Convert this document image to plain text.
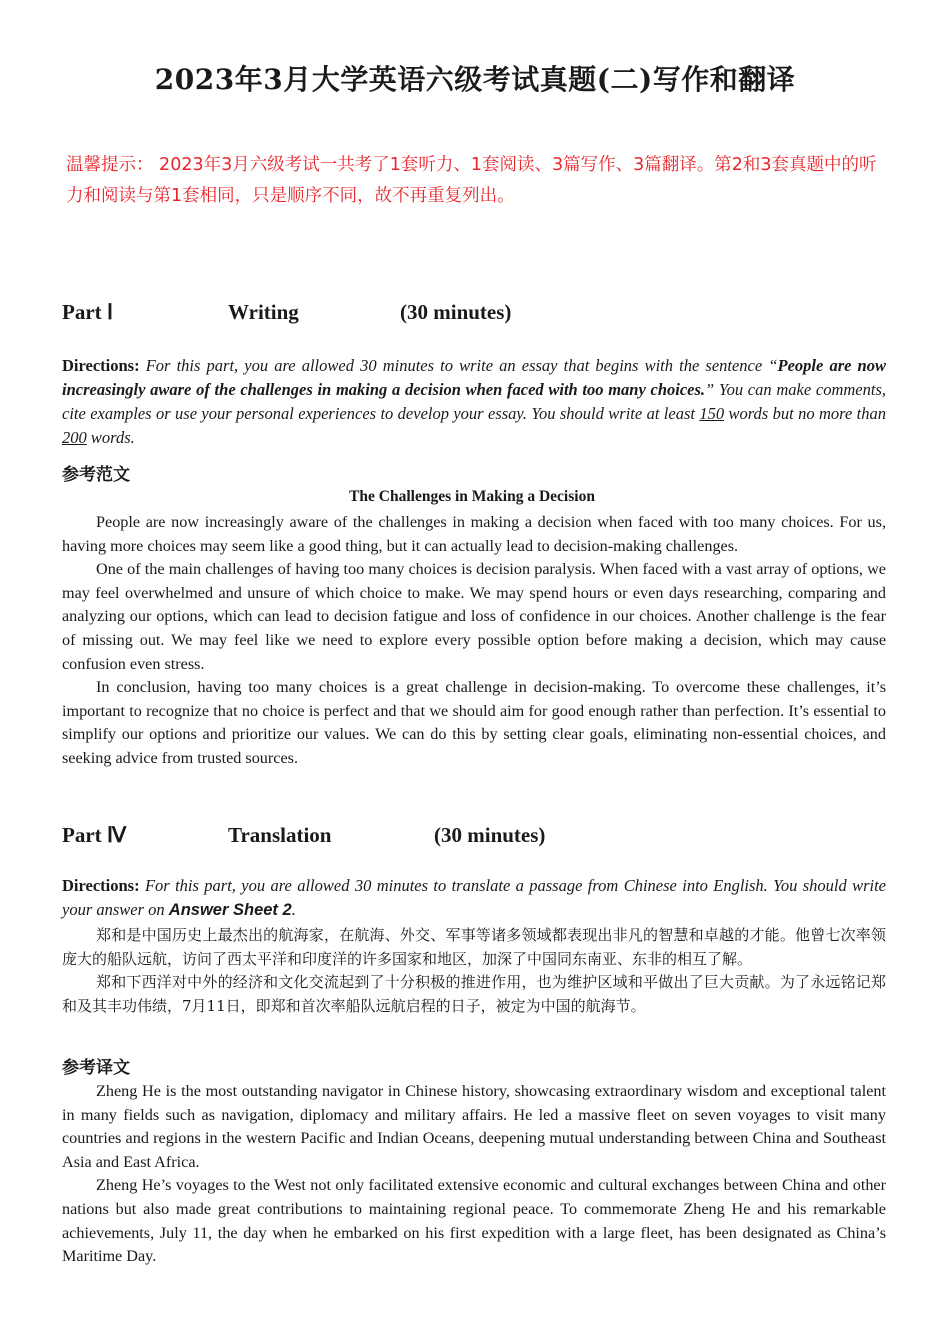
2023年3月大学英语六级考试真题(二)写作和翻译
温馨提示： 2023年3月六级考试一共考了1套听力、1套阅读、3篇写作、3篇翻译。第2和3套真题中的听力和阅读与第1套相同，只是顺序不同，故不再重复列出。
Part Ⅰ	Writing	(30 minutes)
Directions: For this part, you are allowed 30 minutes to write an essay that begins with the sentence “People are now increasingly aware of the challenges in making a decision when faced with too many choices.” You can make comments, cite examples or use your personal experiences to develop your essay. You should write at least 150 words but no more than 200 words.
参考范文
The Challenges in Making a Decision

People are now increasingly aware of the challenges in making a decision when faced with too many choices. For us, having more choices may seem like a good thing, but it can actually lead to decision-making challenges.

One of the main challenges of having too many choices is decision paralysis. When faced with a vast array of options, we may feel overwhelmed and unsure of which choice to make. We may spend hours or even days researching, comparing and analyzing our options, which can lead to decision fatigue and loss of confidence in our choices. Another challenge is the fear of missing out. We may feel like we need to explore every possible option before making a decision, which may cause confusion even stress.

In conclusion, having too many choices is a great challenge in decision-making. To overcome these challenges, it’s important to recognize that no choice is perfect and that we should aim for good enough rather than perfection. It’s essential to simplify our options and prioritize our values. We can do this by setting clear goals, eliminating non-essential choices, and seeking advice from trusted sources.

Part Ⅳ	Translation	(30 minutes)
Directions: For this part, you are allowed 30 minutes to translate a passage from Chinese into English. You should write your answer on Answer Sheet 2.

郑和是中国历史上最杰出的航海家，在航海、外交、军事等诸多领域都表现出非凡的智慧和卓越的才能。他曾七次率领庞大的船队远航，访问了西太平洋和印度洋的许多国家和地区，加深了中国同东南亚、东非的相互了解。

郑和下西洋对中外的经济和文化交流起到了十分积极的推进作用，也为维护区域和平做出了巨大贡献。为了永远铭记郑和及其丰功伟绩，7月11日，即郑和首次率船队远航启程的日子，被定为中国的航海节。

参考译文

Zheng He is the most outstanding navigator in Chinese history, showcasing extraordinary wisdom and exceptional talent in many fields such as navigation, diplomacy and military affairs. He led a massive fleet on seven voyages to visit many countries and regions in the western Pacific and Indian Oceans, deepening mutual understanding between China and Southeast Asia and East Africa.

Zheng He’s voyages to the West not only facilitated extensive economic and cultural exchanges between China and other nations but also made great contributions to maintaining regional peace. To commemorate Zheng He and his remarkable achievements, July 11, the day when he embarked on his first expedition with a large fleet, has been designated as China’s Maritime Day.
